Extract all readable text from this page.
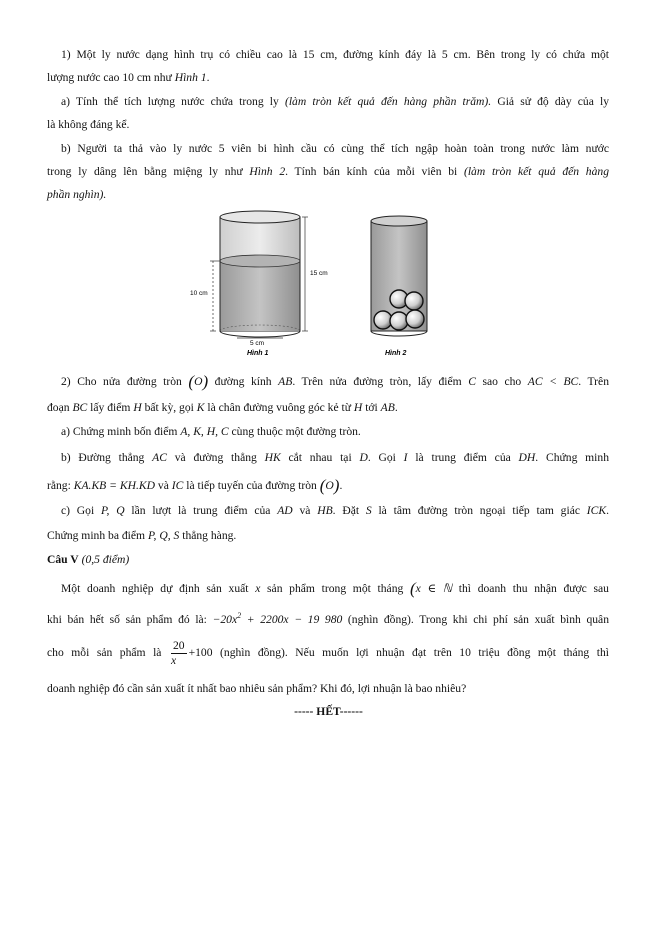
1) Một ly nước dạng hình trụ có chiều cao là 15 cm, đường kính đáy là 5 cm. Bên trong ly có chứa một
lượng nước cao 10 cm như Hình 1.
a) Tính thể tích lượng nước chứa trong ly (làm tròn kết quả đến hàng phần trăm). Giả sử độ dày của ly
là không đáng kể.
b) Người ta thả vào ly nước 5 viên bi hình cầu có cùng thể tích ngập hoàn toàn trong nước làm nước
trong ly dâng lên bằng miệng ly như Hình 2. Tính bán kính của mỗi viên bi (làm tròn kết quả đến hàng
phần nghìn).
15 cm
10 cm
5 cm
Hình 1	Hình 2
2) Cho nửa đường tròn (O) đường kính AB. Trên nửa đường tròn, lấy điểm C sao cho AC < BC. Trên
đoạn BC lấy điểm H bất kỳ, gọi K là chân đường vuông góc kẻ từ H tới AB.
a) Chứng minh bốn điểm A, K, H, C cùng thuộc một đường tròn.
b) Đường thẳng AC và đường thẳng HK cắt nhau tại D. Gọi I là trung điểm của DH. Chứng minh
rằng: KA.KB = KH.KD và IC là tiếp tuyến của đường tròn (O).
c) Gọi P, Q lần lượt là trung điểm của AD và HB. Đặt S là tâm đường tròn ngoại tiếp tam giác ICK.
Chứng minh ba điểm P, Q, S thẳng hàng.
Câu V (0,5 điểm)
Một doanh nghiệp dự định sản xuất x sản phẩm trong một tháng (x ∈ ℕ thì doanh thu nhận được sau
khi bán hết số sản phẩm đó là: $-20x^2 + 2200x - 19$ 980 (nghìn đồng). Trong khi chi phí sản xuất bình quân
cho mỗi sản phẩm là $\frac{20}{x} +100$ (nghìn đồng). Nếu muốn lợi nhuận đạt trên 10 triệu đồng một tháng thì
doanh nghiệp đó cần sản xuất ít nhất bao nhiêu sản phẩm? Khi đó, lợi nhuận là bao nhiêu?
----- HẾT------
